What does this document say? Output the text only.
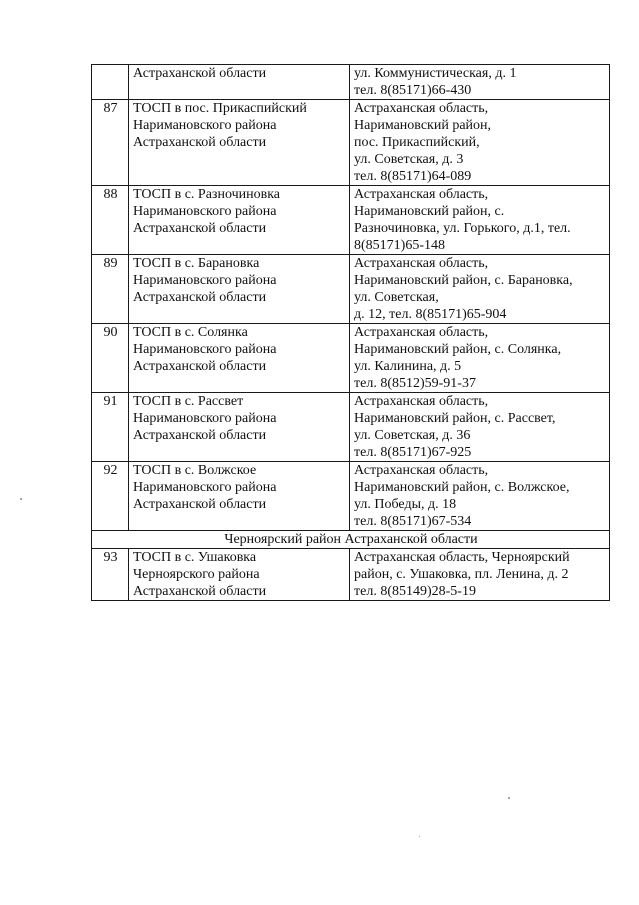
	Астраханской области	ул. Коммунистическая, д. 1
тел. 8(85171)66-430

87	ТОСП в пос. Прикаспийский
Наримановского района
Астраханской области	Астраханская область,
Наримановский район,
пос. Прикаспийский,
ул. Советская, д. 3
тел. 8(85171)64-089

88	ТОСП в с. Разночиновка
Наримановского района
Астраханской области	Астраханская область,
Наримановский район, с.
Разночиновка, ул. Горького, д.1, тел.
8(85171)65-148

89	ТОСП в с. Барановка
Наримановского района
Астраханской области	Астраханская область,
Наримановский район, с. Барановка,
ул. Советская,
д. 12, тел. 8(85171)65-904

90	ТОСП в с. Солянка
Наримановского района
Астраханской области	Астраханская область,
Наримановский район, с. Солянка,
ул. Калинина, д. 5
тел. 8(8512)59-91-37

91	ТОСП в с. Рассвет
Наримановского района
Астраханской области	Астраханская область,
Наримановский район, с. Рассвет,
ул. Советская, д. 36
тел. 8(85171)67-925

92	ТОСП в с. Волжское
Наримановского района
Астраханской области	Астраханская область,
Наримановский район, с. Волжское,
ул. Победы, д. 18
тел. 8(85171)67-534

Черноярский район Астраханской области		
93	ТОСП в с. Ушаковка
Черноярского района
Астраханской области	Астраханская область, Черноярский
район, с. Ушаковка, пл. Ленина, д. 2
тел. 8(85149)28-5-19
